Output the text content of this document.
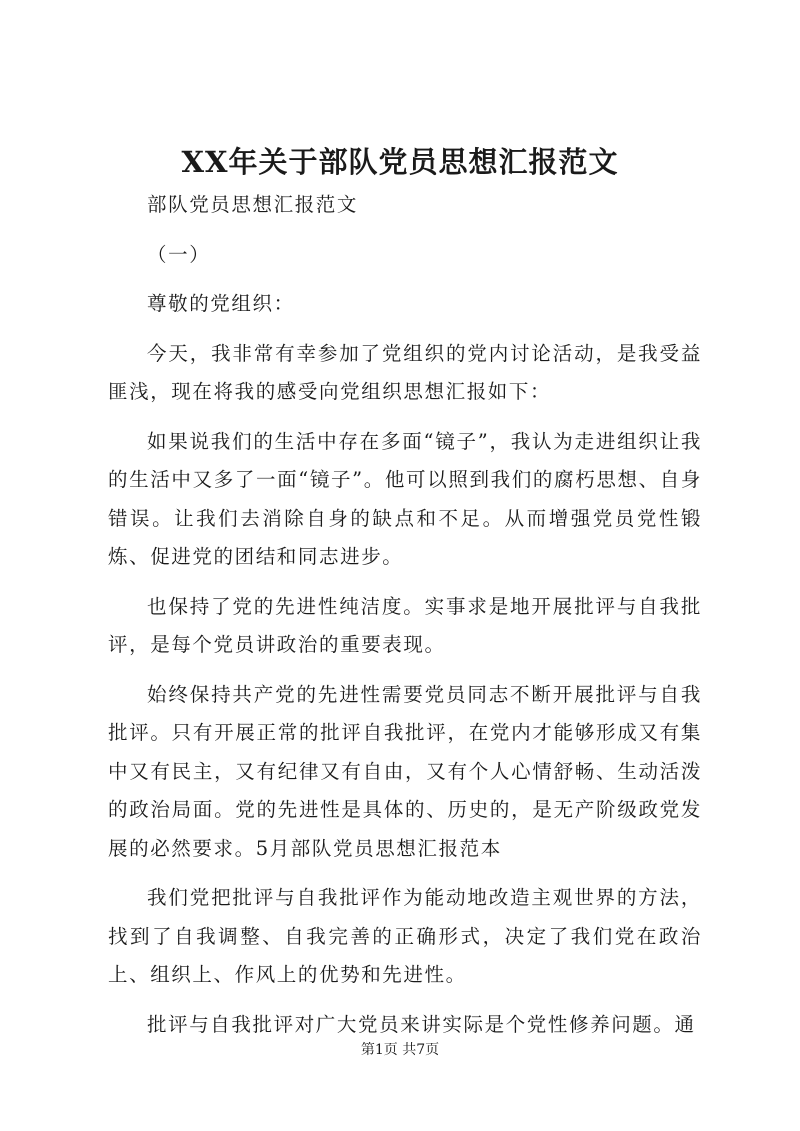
XX年关于部队党员思想汇报范文

部队党员思想汇报范文

（一）

尊敬的党组织：

今天，我非常有幸参加了党组织的党内讨论活动，是我受益匪浅，现在将我的感受向党组织思想汇报如下：

如果说我们的生活中存在多面“镜子”，我认为走进组织让我的生活中又多了一面“镜子”。他可以照到我们的腐朽思想、自身错误。让我们去消除自身的缺点和不足。从而增强党员党性锻炼、促进党的团结和同志进步。

也保持了党的先进性纯洁度。实事求是地开展批评与自我批评，是每个党员讲政治的重要表现。

始终保持共产党的先进性需要党员同志不断开展批评与自我批评。只有开展正常的批评自我批评，在党内才能够形成又有集中又有民主，又有纪律又有自由，又有个人心情舒畅、生动活泼的政治局面。党的先进性是具体的、历史的，是无产阶级政党发展的必然要求。5月部队党员思想汇报范本

我们党把批评与自我批评作为能动地改造主观世界的方法，找到了自我调整、自我完善的正确形式，决定了我们党在政治上、组织上、作风上的优势和先进性。

批评与自我批评对广大党员来讲实际是个党性修养问题。通

第1页 共7页
